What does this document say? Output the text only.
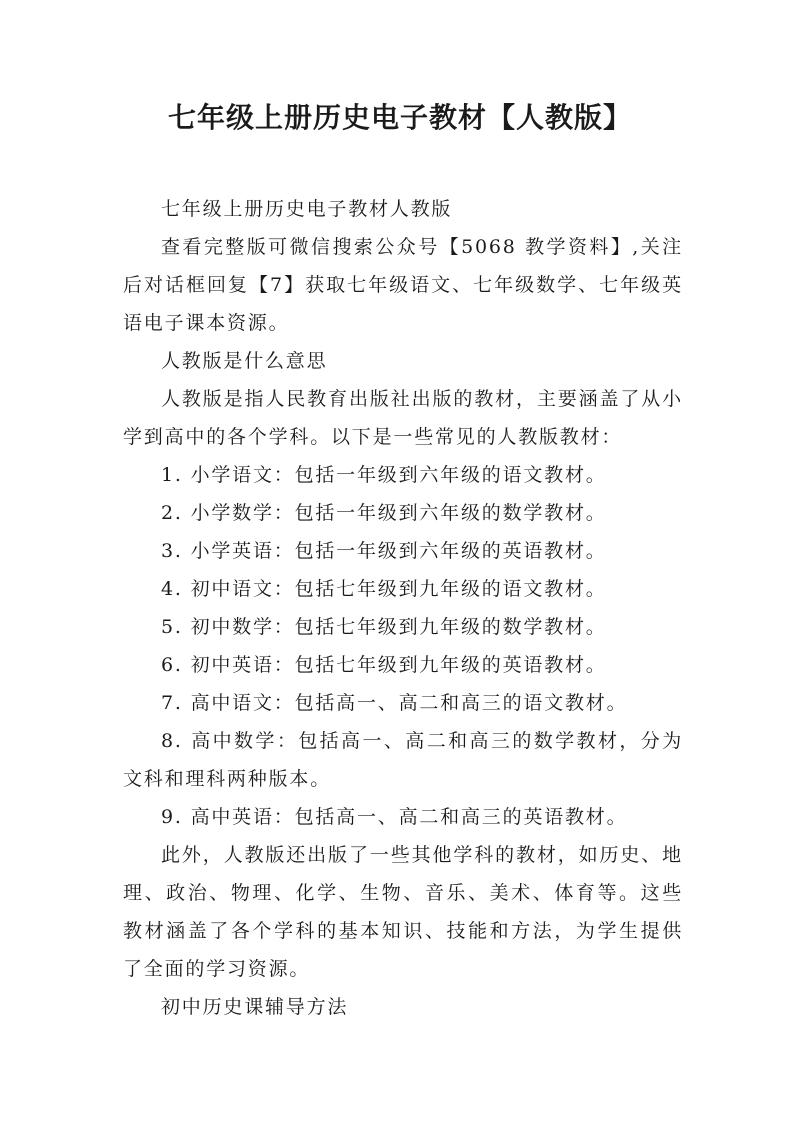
七年级上册历史电子教材【人教版】

七年级上册历史电子教材人教版

查看完整版可微信搜索公众号【5068 教学资料】,关注后对话框回复【7】获取七年级语文、七年级数学、七年级英语电子课本资源。

人教版是什么意思

人教版是指人民教育出版社出版的教材，主要涵盖了从小学到高中的各个学科。以下是一些常见的人教版教材：

1. 小学语文：包括一年级到六年级的语文教材。

2. 小学数学：包括一年级到六年级的数学教材。

3. 小学英语：包括一年级到六年级的英语教材。

4. 初中语文：包括七年级到九年级的语文教材。

5. 初中数学：包括七年级到九年级的数学教材。

6. 初中英语：包括七年级到九年级的英语教材。

7. 高中语文：包括高一、高二和高三的语文教材。

8. 高中数学：包括高一、高二和高三的数学教材，分为文科和理科两种版本。

9. 高中英语：包括高一、高二和高三的英语教材。

此外，人教版还出版了一些其他学科的教材，如历史、地理、政治、物理、化学、生物、音乐、美术、体育等。这些教材涵盖了各个学科的基本知识、技能和方法，为学生提供了全面的学习资源。

初中历史课辅导方法
